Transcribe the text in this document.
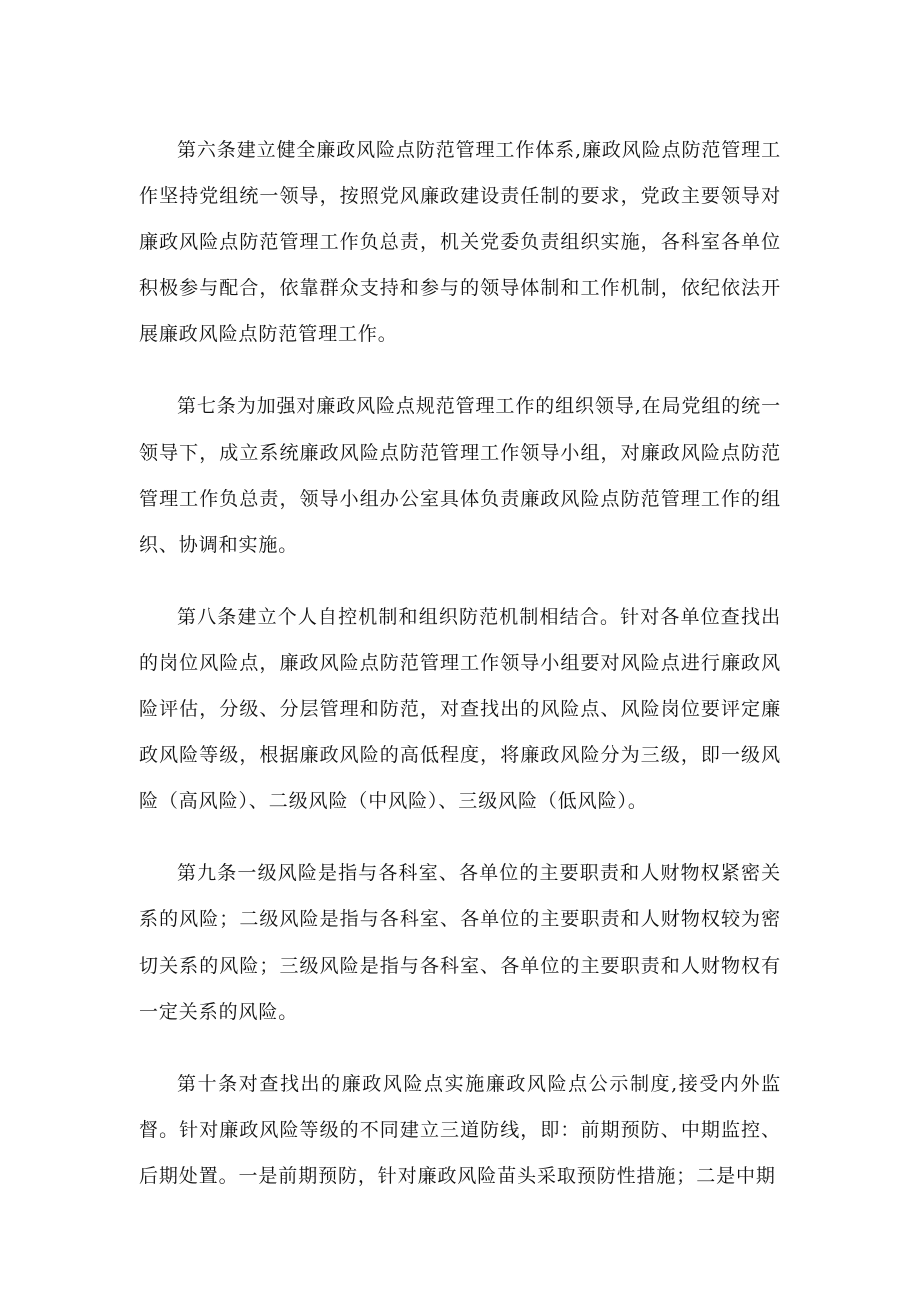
第六条建立健全廉政风险点防范管理工作体系,廉政风险点防范管理工作坚持党组统一领导，按照党风廉政建设责任制的要求，党政主要领导对廉政风险点防范管理工作负总责，机关党委负责组织实施，各科室各单位积极参与配合，依靠群众支持和参与的领导体制和工作机制，依纪依法开展廉政风险点防范管理工作。

第七条为加强对廉政风险点规范管理工作的组织领导,在局党组的统一领导下，成立系统廉政风险点防范管理工作领导小组，对廉政风险点防范管理工作负总责，领导小组办公室具体负责廉政风险点防范管理工作的组织、协调和实施。

第八条建立个人自控机制和组织防范机制相结合。针对各单位查找出的岗位风险点，廉政风险点防范管理工作领导小组要对风险点进行廉政风险评估，分级、分层管理和防范，对查找出的风险点、风险岗位要评定廉政风险等级，根据廉政风险的高低程度，将廉政风险分为三级，即一级风险（高风险）、二级风险（中风险）、三级风险（低风险）。

第九条一级风险是指与各科室、各单位的主要职责和人财物权紧密关系的风险；二级风险是指与各科室、各单位的主要职责和人财物权较为密切关系的风险；三级风险是指与各科室、各单位的主要职责和人财物权有一定关系的风险。

第十条对查找出的廉政风险点实施廉政风险点公示制度,接受内外监督。针对廉政风险等级的不同建立三道防线，即：前期预防、中期监控、后期处置。一是前期预防，针对廉政风险苗头采取预防性措施；二是中期
